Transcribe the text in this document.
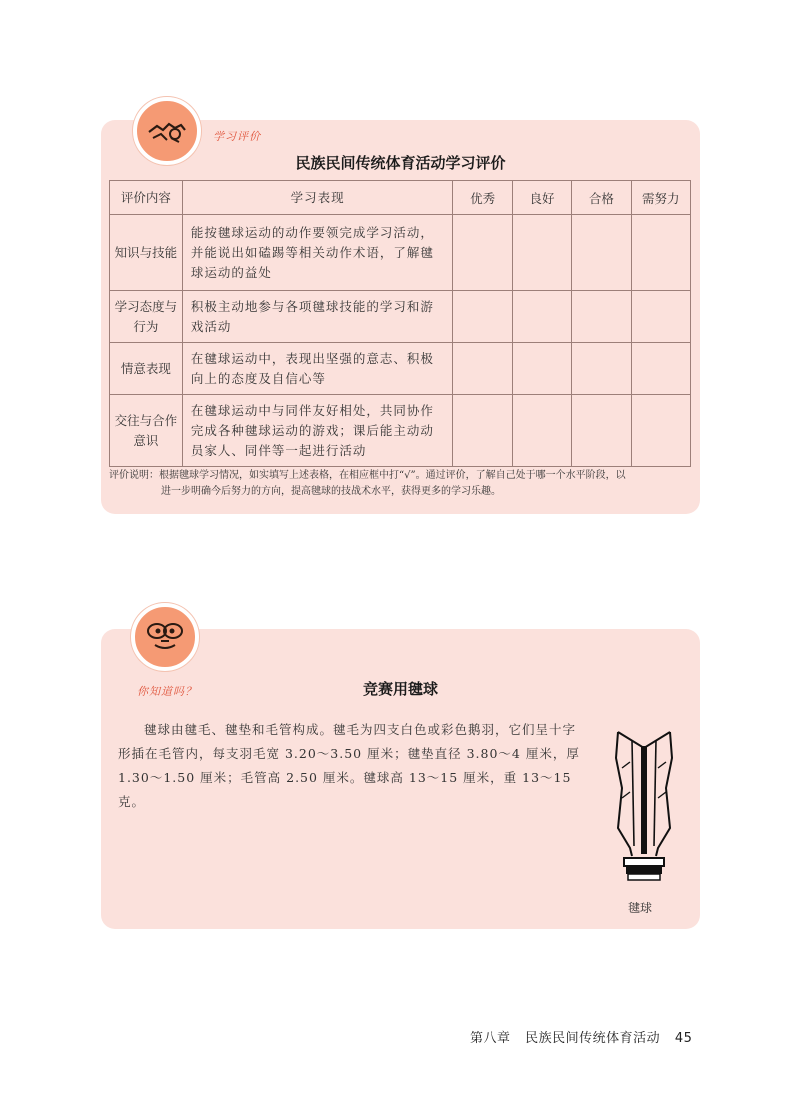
学习评价
民族民间传统体育活动学习评价
评价内容	学习表现	优秀	良好	合格	需努力
知识与技能	能按毽球运动的动作要领完成学习活动，并能说出如磕踢等相关动作术语，了解毽球运动的益处				
学习态度与行为	积极主动地参与各项毽球技能的学习和游戏活动				
情意表现	在毽球运动中，表现出坚强的意志、积极向上的态度及自信心等				
交往与合作意识	在毽球运动中与同伴友好相处，共同协作完成各种毽球运动的游戏；课后能主动动员家人、同伴等一起进行活动				
评价说明：根据毽球学习情况，如实填写上述表格，在相应框中打“√”。通过评价，了解自己处于哪一个水平阶段，以
进一步明确今后努力的方向，提高毽球的技战术水平，获得更多的学习乐趣。
你知道吗？	竞赛用毽球
毽球由毽毛、毽垫和毛管构成。毽毛为四支白色或彩色鹅羽，它们呈十字形插在毛管内，每支羽毛宽 3.20～3.50 厘米；毽垫直径 3.80～4 厘米，厚 1.30～1.50 厘米；毛管高 2.50 厘米。毽球高 13～15 厘米，重 13～15 克。
毽球
第八章 民族民间传统体育活动 45
